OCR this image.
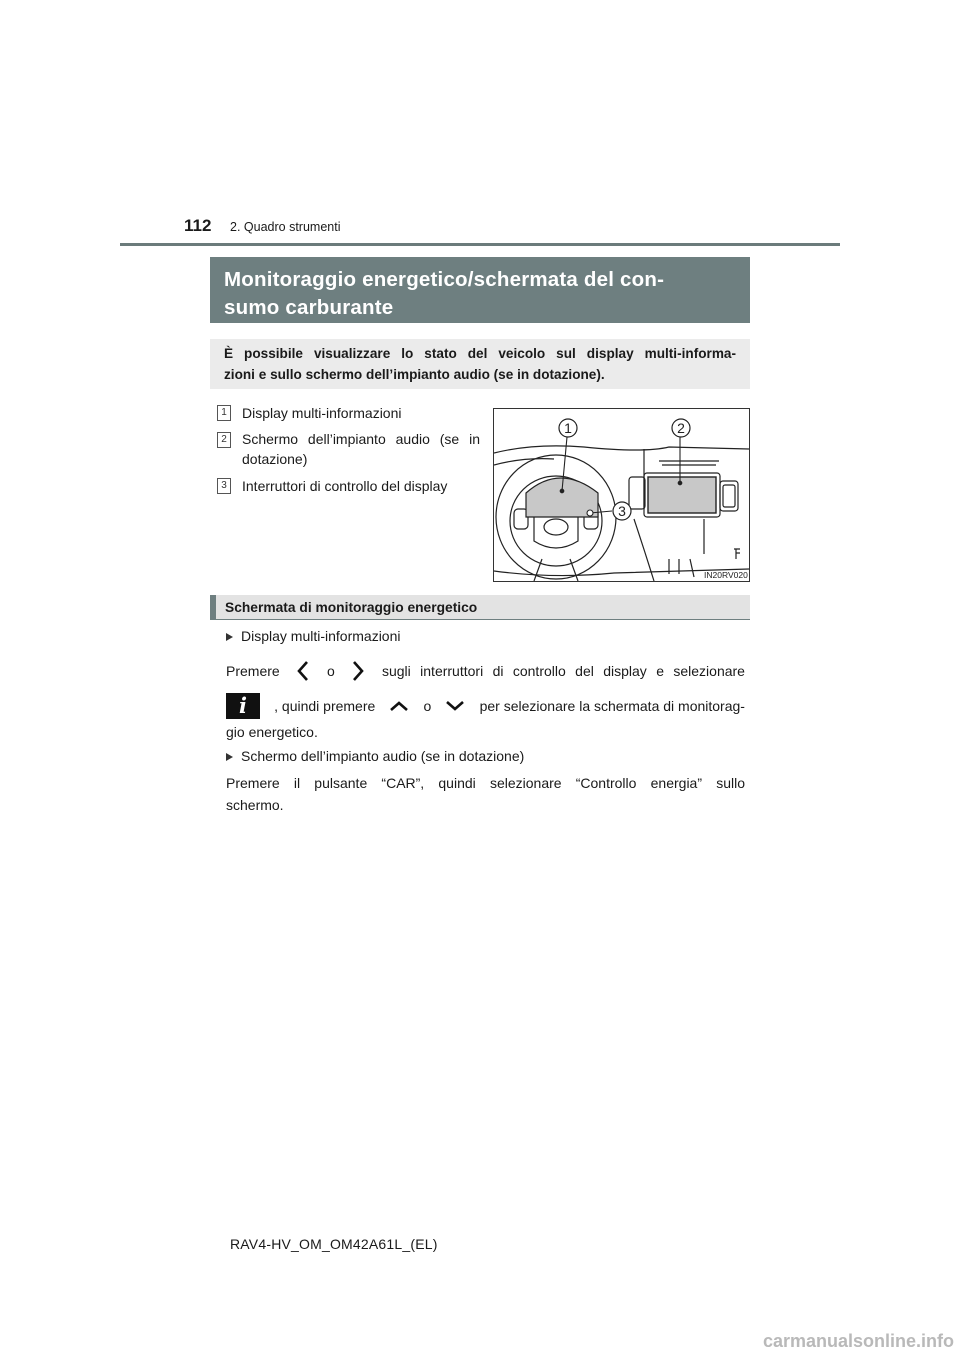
112 2. Quadro strumenti
Monitoraggio energetico/schermata del con-
sumo carburante
È possibile visualizzare lo stato del veicolo sul display multi-informa-
zioni e sullo schermo dell’impianto audio (se in dotazione).
1	Display multi-informazioni
2	Schermo dell’impianto audio (se in
dotazione)
3	Interruttori di controllo del display
1	2
3
IN20RV020
Schermata di monitoraggio energetico
Display multi-informazioni
Premere	o	sugli interruttori di controllo del display e selezionare
i	, quindi premere	o	per selezionare la schermata di monitorag-
gio energetico.
Schermo dell’impianto audio (se in dotazione)
Premere il pulsante “CAR”, quindi selezionare “Controllo energia” sullo
schermo.
RAV4-HV_OM_OM42A61L_(EL)
carmanualsonline.info
